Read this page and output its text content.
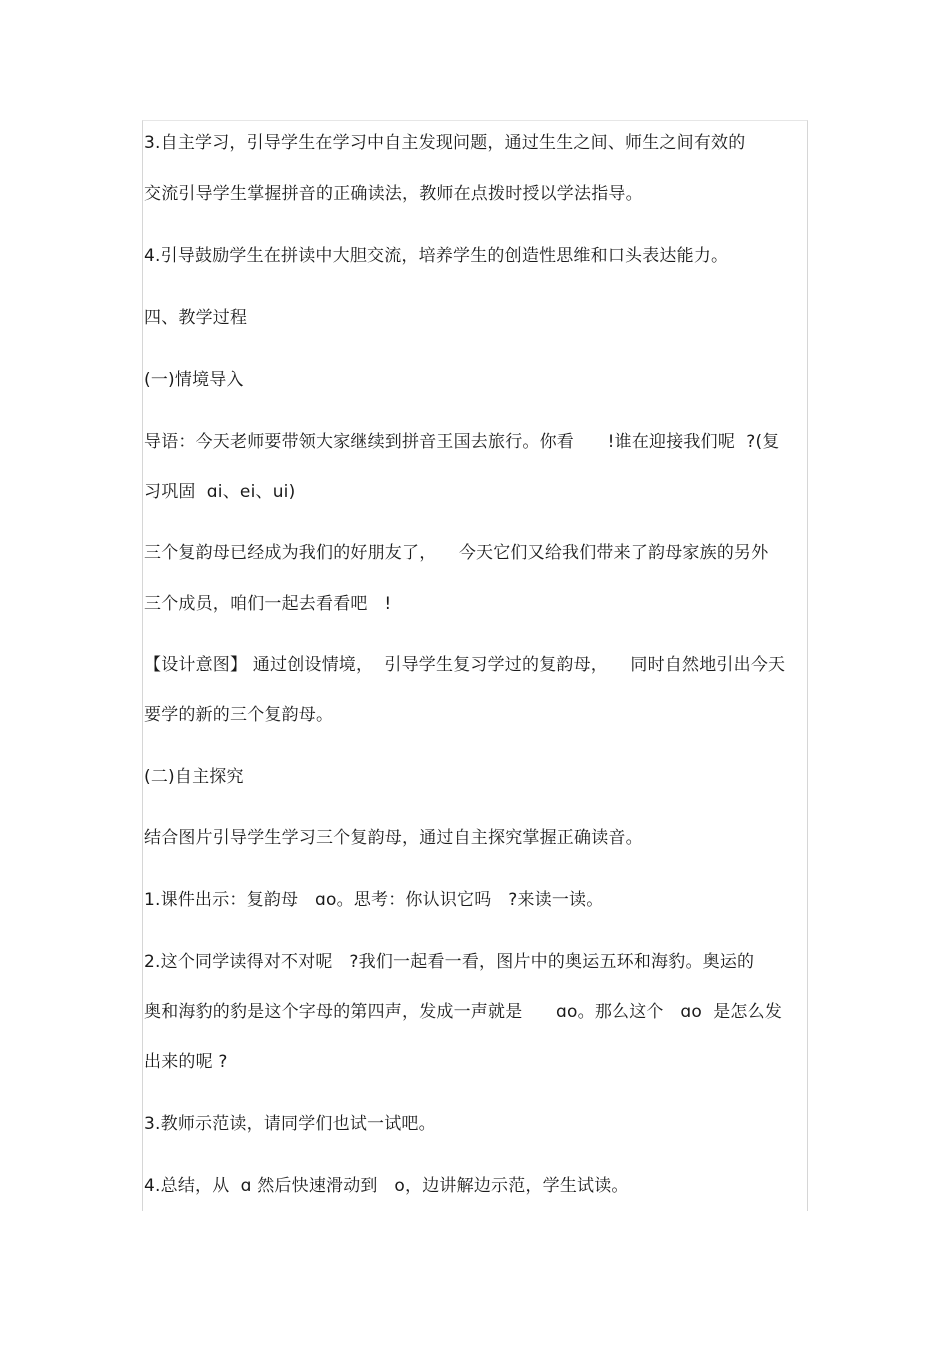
3.自主学习，引导学生在学习中自主发现问题，通过生生之间、师生之间有效的
交流引导学生掌握拼音的正确读法，教师在点拨时授以学法指导。
4.引导鼓励学生在拼读中大胆交流，培养学生的创造性思维和口头表达能力。
四、教学过程
(一)情境导入
导语：今天老师要带领大家继续到拼音王国去旅行。你看      !谁在迎接我们呢  ?(复
习巩固  ɑi、ei、ui)
三个复韵母已经成为我们的好朋友了，    今天它们又给我们带来了韵母家族的另外
三个成员，咱们一起去看看吧   !
【设计意图】 通过创设情境，  引导学生复习学过的复韵母，    同时自然地引出今天
要学的新的三个复韵母。
(二)自主探究
结合图片引导学生学习三个复韵母，通过自主探究掌握正确读音。
1.课件出示：复韵母   ɑo。思考：你认识它吗   ?来读一读。
2.这个同学读得对不对呢   ?我们一起看一看，图片中的奥运五环和海豹。奥运的
奥和海豹的豹是这个字母的第四声，发成一声就是      ɑo。那么这个   ɑo  是怎么发
出来的呢 ?
3.教师示范读，请同学们也试一试吧。
4.总结，从  ɑ 然后快速滑动到   o，边讲解边示范，学生试读。
